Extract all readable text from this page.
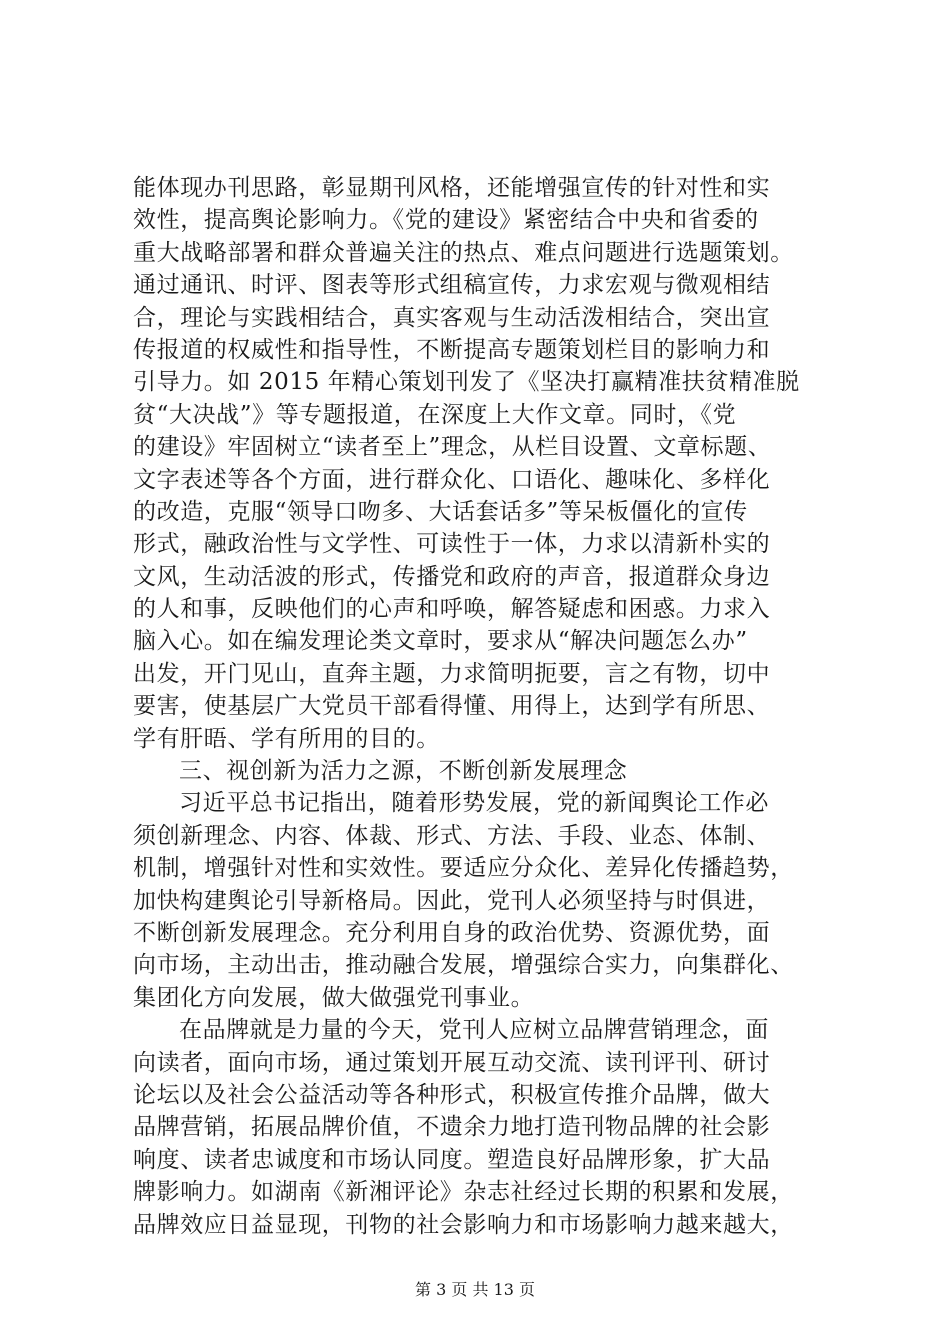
能体现办刊思路，彰显期刊风格，还能增强宣传的针对性和实
效性，提高舆论影响力。《党的建设》紧密结合中央和省委的
重大战略部署和群众普遍关注的热点、难点问题进行选题策划。
通过通讯、时评、图表等形式组稿宣传，力求宏观与微观相结
合，理论与实践相结合，真实客观与生动活泼相结合，突出宣
传报道的权威性和指导性，不断提高专题策划栏目的影响力和
引导力。如 2015 年精心策划刊发了《坚决打赢精准扶贫精准脱
贫“大决战”》等专题报道，在深度上大作文章。同时，《党
的建设》牢固树立“读者至上”理念，从栏目设置、文章标题、
文字表述等各个方面，进行群众化、口语化、趣味化、多样化
的改造，克服“领导口吻多、大话套话多”等呆板僵化的宣传
形式，融政治性与文学性、可读性于一体，力求以清新朴实的
文风，生动活波的形式，传播党和政府的声音，报道群众身边
的人和事，反映他们的心声和呼唤，解答疑虑和困惑。力求入
脑入心。如在编发理论类文章时，要求从“解决问题怎么办”
出发，开门见山，直奔主题，力求简明扼要，言之有物，切中
要害，使基层广大党员干部看得懂、用得上，达到学有所思、
学有肝晤、学有所用的目的。
三、视创新为活力之源，不断创新发展理念
习近平总书记指出，随着形势发展，党的新闻舆论工作必
须创新理念、内容、体裁、形式、方法、手段、业态、体制、
机制，增强针对性和实效性。要适应分众化、差异化传播趋势，
加快构建舆论引导新格局。因此，党刊人必须坚持与时俱进，
不断创新发展理念。充分利用自身的政治优势、资源优势，面
向市场，主动出击，推动融合发展，增强综合实力，向集群化、
集团化方向发展，做大做强党刊事业。
在品牌就是力量的今天，党刊人应树立品牌营销理念，面
向读者，面向市场，通过策划开展互动交流、读刊评刊、研讨
论坛以及社会公益活动等各种形式，积极宣传推介品牌，做大
品牌营销，拓展品牌价值，不遗余力地打造刊物品牌的社会影
响度、读者忠诚度和市场认同度。塑造良好品牌形象，扩大品
牌影响力。如湖南《新湘评论》杂志社经过长期的积累和发展，
品牌效应日益显现，刊物的社会影响力和市场影响力越来越大，
第 3 页 共 13 页
